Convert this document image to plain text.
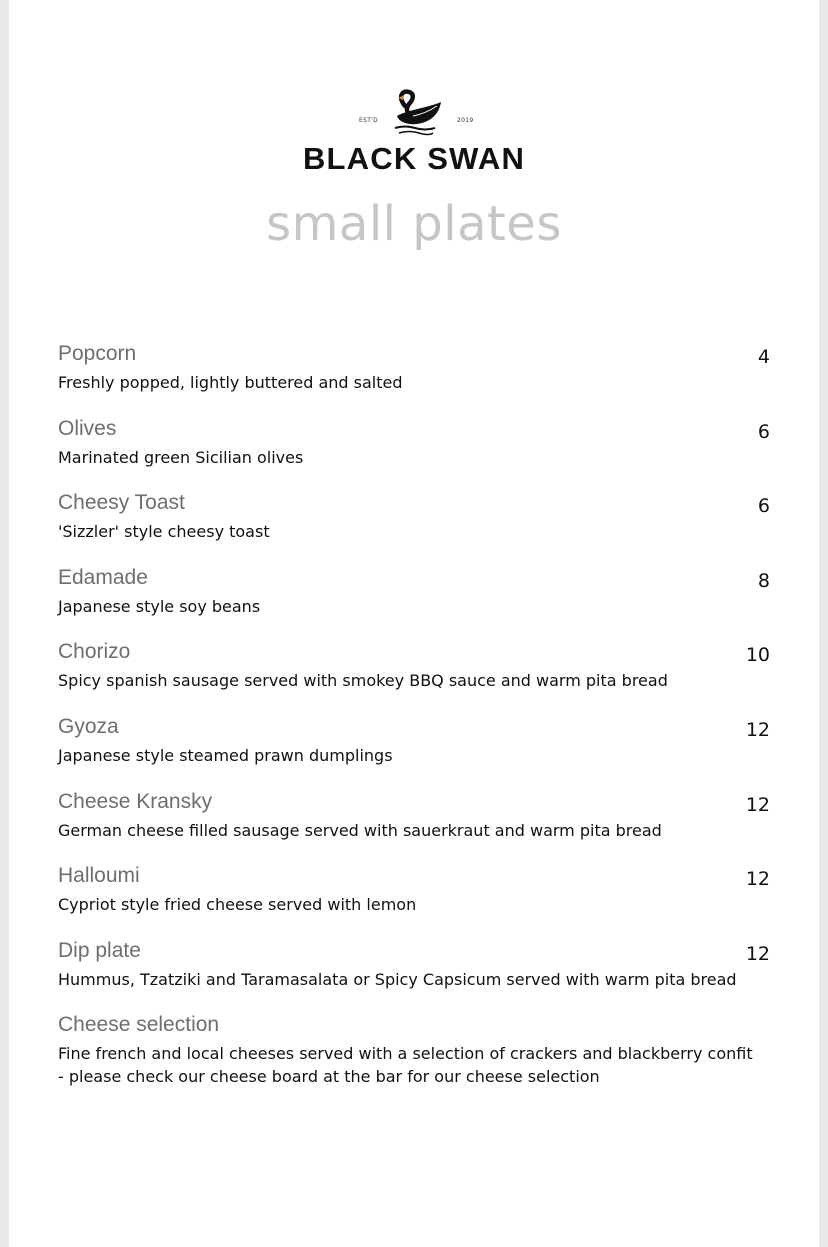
EST'D	2019
BLACK SWAN
small plates
Popcorn	4
Freshly popped, lightly buttered and salted
Olives	6
Marinated green Sicilian olives
Cheesy Toast	6
'Sizzler' style cheesy toast
Edamade	8
Japanese style soy beans
Chorizo	10
Spicy spanish sausage served with smokey BBQ sauce and warm pita bread
Gyoza	12
Japanese style steamed prawn dumplings
Cheese Kransky	12
German cheese filled sausage served with sauerkraut and warm pita bread
Halloumi	12
Cypriot style fried cheese served with lemon
Dip plate	12
Hummus, Tzatziki and Taramasalata or Spicy Capsicum served with warm pita bread
Cheese selection
Fine french and local cheeses served with a selection of crackers and blackberry confit
- please check our cheese board at the bar for our cheese selection
